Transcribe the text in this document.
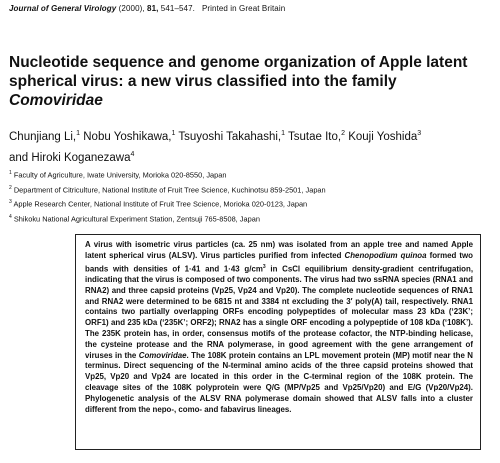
Journal of General Virology (2000), 81, 541–547. Printed in Great Britain
Nucleotide sequence and genome organization of Apple latent
spherical virus: a new virus classified into the family
Comoviridae
Chunjiang Li,$^1$ Nobu Yoshikawa,$^1$ Tsuyoshi Takahashi,$^1$ Tsutae Ito,$^2$ Kouji Yoshida$^3$
and Hiroki Koganezawa$^4$
$^1$ Faculty of Agriculture, Iwate University, Morioka 020-8550, Japan
$^2$ Department of Citriculture, National Institute of Fruit Tree Science, Kuchinotsu 859-2501, Japan
$^3$ Apple Research Center, National Institute of Fruit Tree Science, Morioka 020-0123, Japan
$^4$ Shikoku National Agricultural Experiment Station, Zentsuji 765-8508, Japan
A virus with isometric virus particles (ca. 25 nm) was isolated from an apple tree and named Apple latent spherical virus (ALSV). Virus particles purified from infected Chenopodium quinoa formed two bands with densities of 1·41 and 1·43 $g/cm^3$ in CsCl equilibrium density-gradient centrifugation, indicating that the virus is composed of two components. The virus had two ssRNA species (RNA1 and RNA2) and three capsid proteins (Vp25, Vp24 and Vp20). The complete nucleotide sequences of RNA1 and RNA2 were determined to be 6815 nt and 3384 nt excluding the 3′ poly(A) tail, respectively. RNA1 contains two partially overlapping ORFs encoding polypeptides of molecular mass 23 kDa (‘23K’; ORF1) and 235 kDa (‘235K’; ORF2); RNA2 has a single ORF encoding a polypeptide of 108 kDa (‘108K’). The 235K protein has, in order, consensus motifs of the protease cofactor, the NTP-binding helicase, the cysteine protease and the RNA polymerase, in good agreement with the gene arrangement of viruses in the Comoviridae. The 108K protein contains an LPL movement protein (MP) motif near the N terminus. Direct sequencing of the N-terminal amino acids of the three capsid proteins showed that Vp25, Vp20 and Vp24 are located in this order in the C-terminal region of the 108K protein. The cleavage sites of the 108K polyprotein were Q/G (MP/Vp25 and Vp25/Vp20) and E/G (Vp20/Vp24). Phylogenetic analysis of the ALSV RNA polymerase domain showed that ALSV falls into a cluster different from the nepo-, como- and fabavirus lineages.
